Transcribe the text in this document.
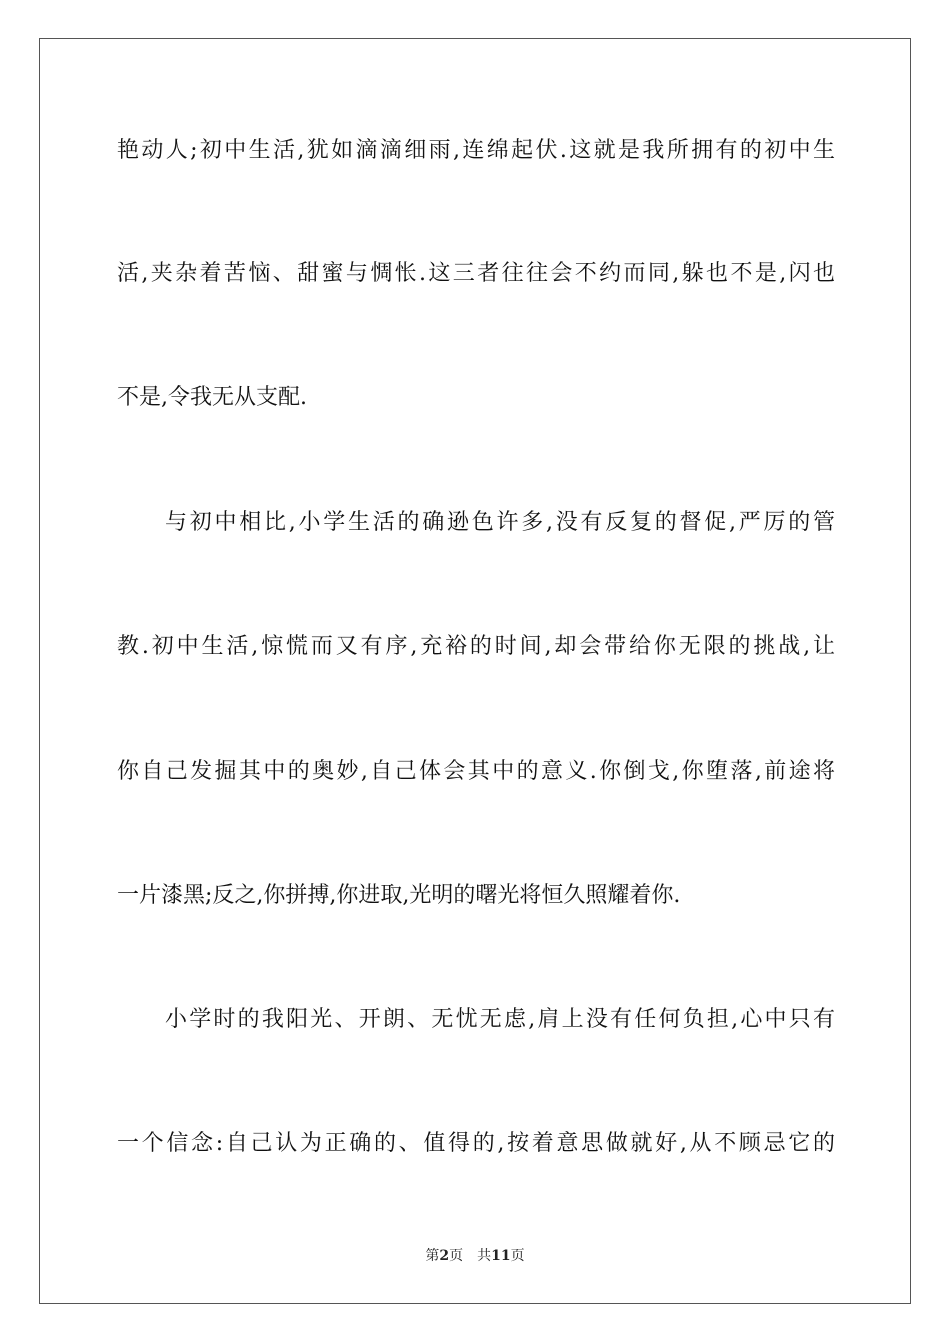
艳动人;初中生活,犹如滴滴细雨,连绵起伏.这就是我所拥有的初中生
活,夹杂着苦恼、甜蜜与惆怅.这三者往往会不约而同,躲也不是,闪也
不是,令我无从支配.
与初中相比,小学生活的确逊色许多,没有反复的督促,严厉的管
教.初中生活,惊慌而又有序,充裕的时间,却会带给你无限的挑战,让
你自己发掘其中的奥妙,自己体会其中的意义.你倒戈,你堕落,前途将
一片漆黑;反之,你拼搏,你进取,光明的曙光将恒久照耀着你.
小学时的我阳光、开朗、无忧无虑,肩上没有任何负担,心中只有
一个信念:自己认为正确的、值得的,按着意思做就好,从不顾忌它的
第2页 共11页
